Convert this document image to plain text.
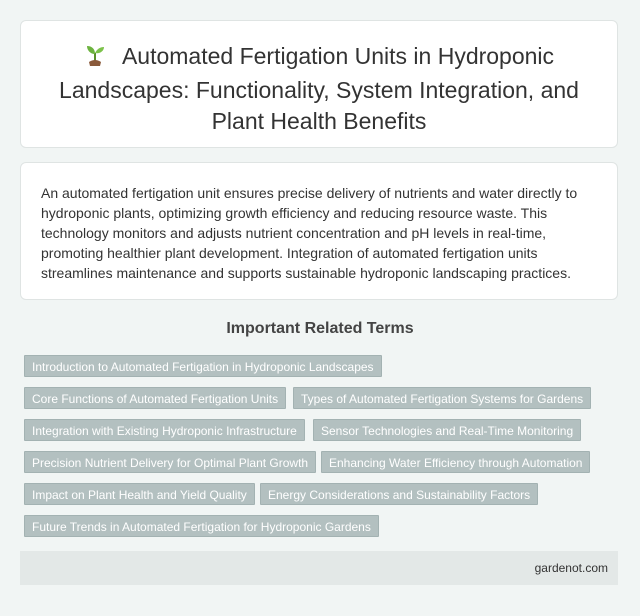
Automated Fertigation Units in Hydroponic Landscapes: Functionality, System Integration, and Plant Health Benefits

An automated fertigation unit ensures precise delivery of nutrients and water directly to hydroponic plants, optimizing growth efficiency and reducing resource waste. This technology monitors and adjusts nutrient concentration and pH levels in real-time, promoting healthier plant development. Integration of automated fertigation units streamlines maintenance and supports sustainable hydroponic landscaping practices.

Important Related Terms
Introduction to Automated Fertigation in Hydroponic Landscapes
Core Functions of Automated Fertigation Units	Types of Automated Fertigation Systems for Gardens
Integration with Existing Hydroponic Infrastructure	Sensor Technologies and Real-Time Monitoring
Precision Nutrient Delivery for Optimal Plant Growth	Enhancing Water Efficiency through Automation
Impact on Plant Health and Yield Quality	Energy Considerations and Sustainability Factors
Future Trends in Automated Fertigation for Hydroponic Gardens
gardenot.com
